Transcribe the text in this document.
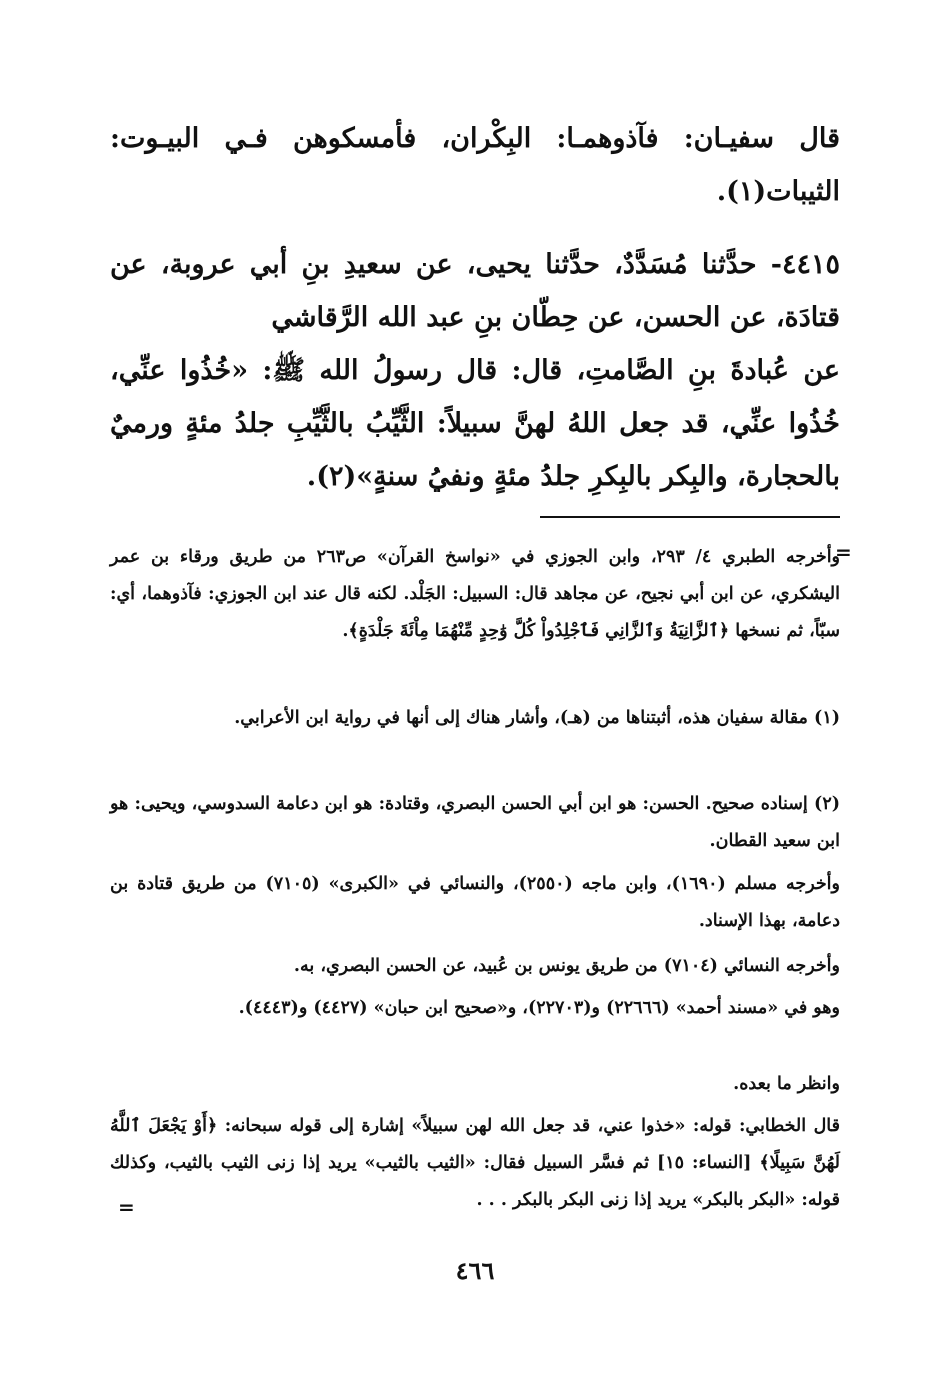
قال سفيـان: فآذوهمـا: البِكْران، فأمسكوهن فـي البيـوت: الثيبات(١).
٤٤١٥- حدَّثنا مُسَدَّدٌ، حدَّثنا يحيى، عن سعيدِ بنِ أبي عروبة، عن قتادَة، عن الحسن، عن حِطّان بنِ عبد الله الرَّقاشي
عن عُبادةَ بنِ الصَّامتِ، قال: قال رسولُ الله ﷺ: «خُذُوا عنِّي، خُذُوا عنِّي، قد جعل اللهُ لهنَّ سبيلاً: الثَّيِّبُ بالثَّيِّبِ جلدُ مئةٍ ورميٌ بالحجارة، والبِكر بالبِكرِ جلدُ مئةٍ ونفيُ سنةٍ»(٢).
=
وأخرجه الطبري ٤/ ٢٩٣، وابن الجوزي في «نواسخ القرآن» ص٢٦٣ من طريق ورقاء بن عمر اليشكري، عن ابن أبي نجيح، عن مجاهد قال: السبيل: الجَلْد. لكنه قال عند ابن الجوزي: فآذوهما، أي: سبّاً، ثم نسخها ﴿ٱلزَّانِيَةُ وَٱلزَّانِي فَٱجْلِدُواْ كُلَّ وَٰحِدٍ مِّنْهُمَا مِاْئَةَ جَلْدَةٍ﴾.
(١) مقالة سفيان هذه، أثبتناها من (هـ)، وأشار هناك إلى أنها في رواية ابن الأعرابي.
(٢) إسناده صحيح. الحسن: هو ابن أبي الحسن البصري، وقتادة: هو ابن دعامة السدوسي، ويحيى: هو ابن سعيد القطان.
وأخرجه مسلم (١٦٩٠)، وابن ماجه (٢٥٥٠)، والنسائي في «الكبرى» (٧١٠٥) من طريق قتادة بن دعامة، بهذا الإسناد.
وأخرجه النسائي (٧١٠٤) من طريق يونس بن عُبيد، عن الحسن البصري، به.
وهو في «مسند أحمد» (٢٢٦٦٦) و(٢٢٧٠٣)، و«صحيح ابن حبان» (٤٤٢٧) و(٤٤٤٣).
وانظر ما بعده.
قال الخطابي: قوله: «خذوا عني، قد جعل الله لهن سبيلاً» إشارة إلى قوله سبحانه: ﴿أَوْ يَجْعَلَ ٱللَّهُ لَهُنَّ سَبِيلًا﴾ [النساء: ١٥] ثم فسَّر السبيل فقال: «الثيب بالثيب» يريد إذا زنى الثيب بالثيب، وكذلك قوله: «البكر بالبكر» يريد إذا زنى البكر بالبكر . . .
=
٤٦٦
